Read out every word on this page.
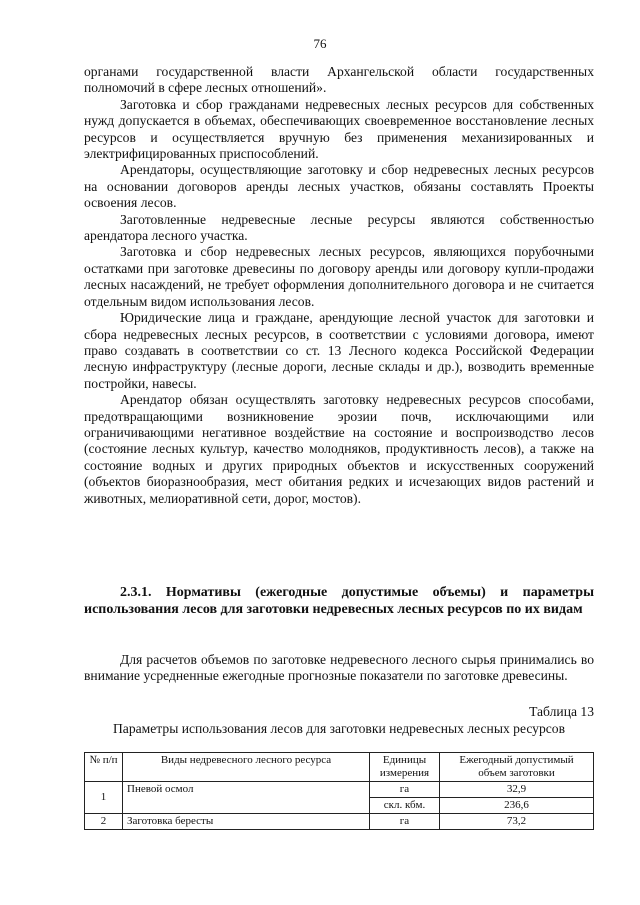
76

органами государственной власти Архангельской области государственных полномочий в сфере лесных отношений».

Заготовка и сбор гражданами недревесных лесных ресурсов для собственных нужд допускается в объемах, обеспечивающих своевременное восстановление лесных ресурсов и осуществляется вручную без применения механизированных и электрифицированных приспособлений.

Арендаторы, осуществляющие заготовку и сбор недревесных лесных ресурсов на основании договоров аренды лесных участков, обязаны составлять Проекты освоения лесов.

Заготовленные недревесные лесные ресурсы являются собственностью арендатора лесного участка.

Заготовка и сбор недревесных лесных ресурсов, являющихся порубочными остатками при заготовке древесины по договору аренды или договору купли-продажи лесных насаждений, не требует оформления дополнительного договора и не считается отдельным видом использования лесов.

Юридические лица и граждане, арендующие лесной участок для заготовки и сбора недревесных лесных ресурсов, в соответствии с условиями договора, имеют право создавать в соответствии со ст. 13 Лесного кодекса Российской Федерации лесную инфраструктуру (лесные дороги, лесные склады и др.), возводить временные постройки, навесы.

Арендатор обязан осуществлять заготовку недревесных ресурсов способами, предотвращающими возникновение эрозии почв, исключающими или ограничивающими негативное воздействие на состояние и воспроизводство лесов (состояние лесных культур, качество молодняков, продуктивность лесов), а также на состояние водных и других природных объектов и искусственных сооружений (объектов биоразнообразия, мест обитания редких и исчезающих видов растений и животных, мелиоративной сети, дорог, мостов).

2.3.1. Нормативы (ежегодные допустимые объемы) и параметры использования лесов для заготовки недревесных лесных ресурсов по их видам

Для расчетов объемов по заготовке недревесного лесного сырья принимались во внимание усредненные ежегодные прогнозные показатели по заготовке древесины.

Таблица 13
Параметры использования лесов для заготовки недревесных лесных ресурсов
№ п/п	Виды недревесного лесного ресурса	Единицы измерения	Ежегодный допустимый объем заготовки
1	Пневой осмол	га	32,9
		скл. кбм.	236,6
2	Заготовка бересты	га	73,2
